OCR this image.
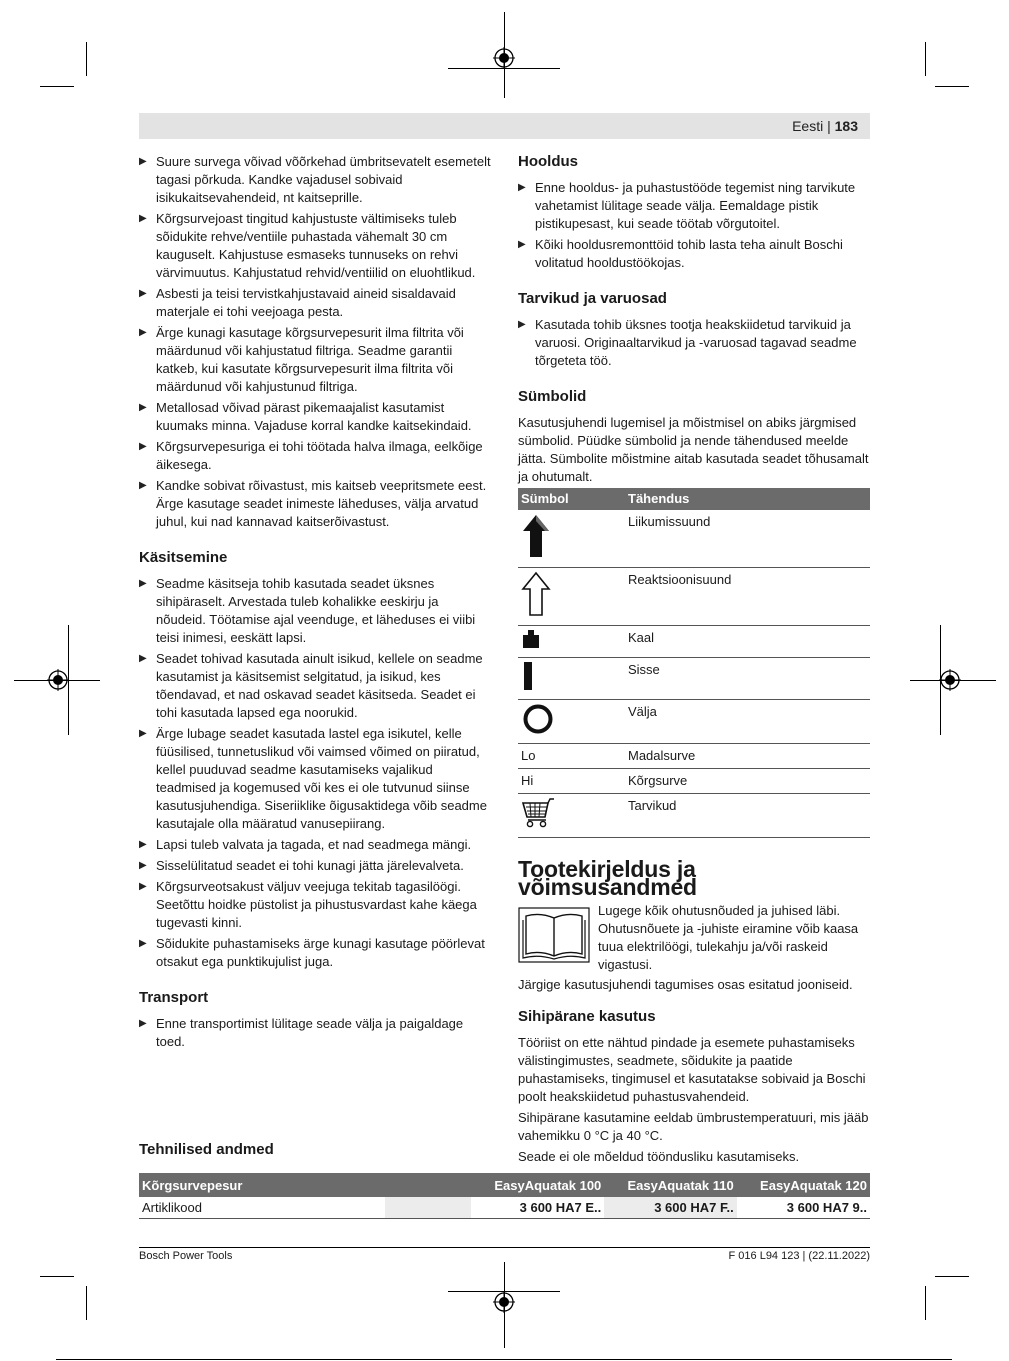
Eesti | 183
▶ Suure survega võivad võõrkehad ümbritsevatelt esemetelt tagasi põrkuda. Kandke vajadusel sobivaid isikukaitsevahendeid, nt kaitseprille.
▶ Kõrgsurvejoast tingitud kahjustuste vältimiseks tuleb sõidukite rehve/ventiile puhastada vähemalt 30 cm kauguselt. Kahjustuse esmaseks tunnuseks on rehvi värvimuutus. Kahjustatud rehvid/ventiilid on eluohtlikud.
▶ Asbesti ja teisi tervistkahjustavaid aineid sisaldavaid materjale ei tohi veejoaga pesta.
▶ Ärge kunagi kasutage kõrgsurvepesurit ilma filtrita või määrdunud või kahjustatud filtriga. Seadme garantii katkeb, kui kasutate kõrgsurvepesurit ilma filtrita või määrdunud või kahjustunud filtriga.
▶ Metallosad võivad pärast pikemaajalist kasutamist kuumaks minna. Vajaduse korral kandke kaitsekindaid.
▶ Kõrgsurvepesuriga ei tohi töötada halva ilmaga, eelkõige äikesega.
▶ Kandke sobivat rõivastust, mis kaitseb veepritsmete eest. Ärge kasutage seadet inimeste läheduses, välja arvatud juhul, kui nad kannavad kaitserõivastust.
Käsitsemine
▶ Seadme käsitseja tohib kasutada seadet üksnes sihipäraselt. Arvestada tuleb kohalikke eeskirju ja nõudeid. Töötamise ajal veenduge, et läheduses ei viibi teisi inimesi, eeskätt lapsi.
▶ Seadet tohivad kasutada ainult isikud, kellele on seadme kasutamist ja käsitsemist selgitatud, ja isikud, kes tõendavad, et nad oskavad seadet käsitseda. Seadet ei tohi kasutada lapsed ega noorukid.
▶ Ärge lubage seadet kasutada lastel ega isikutel, kelle füüsilised, tunnetuslikud või vaimsed võimed on piiratud, kellel puuduvad seadme kasutamiseks vajalikud teadmised ja kogemused või kes ei ole tutvunud siinse kasutusjuhendiga. Siseriiklike õigusaktidega võib seadme kasutajale olla määratud vanusepiirang.
▶ Lapsi tuleb valvata ja tagada, et nad seadmega mängi.
▶ Sisselülitatud seadet ei tohi kunagi jätta järelevalveta.
▶ Kõrgsurveotsakust väljuv veejuga tekitab tagasilöögi. Seetõttu hoidke püstolist ja pihustusvardast kahe käega tugevasti kinni.
▶ Sõidukite puhastamiseks ärge kunagi kasutage pöörlevat otsakut ega punktikujulist juga.
Transport
▶ Enne transportimist lülitage seade välja ja paigaldage toed.
Hooldus
▶ Enne hooldus- ja puhastustööde tegemist ning tarvikute vahetamist lülitage seade välja. Eemaldage pistik pistikupesast, kui seade töötab võrgutoitel.
▶ Kõiki hooldusremonttöid tohib lasta teha ainult Boschi volitatud hooldustöökojas.
Tarvikud ja varuosad
▶ Kasutada tohib üksnes tootja heakskiidetud tarvikuid ja varuosi. Originaaltarvikud ja -varuosad tagavad seadme tõrgeteta töö.
Sümbolid

Kasutusjuhendi lugemisel ja mõistmisel on abiks järgmised sümbolid. Püüdke sümbolid ja nende tähendused meelde jätta. Sümbolite mõistmine aitab kasutada seadet tõhusamalt ja ohutumalt.

Sümbol	Tähendus
	Liikumissuund
	Reaktsioonisuund
	Kaal
	Sisse
	Välja
Lo	Madalsurve
Hi	Kõrgsurve
	Tarvikud
Tootekirjeldus ja võimsusandmed

Lugege kõik ohutusnõuded ja juhised läbi. Ohutusnõuete ja -juhiste eiramine võib kaasa tuua elektrilöögi, tulekahju ja/või raskeid vigastusi.

Järgige kasutusjuhendi tagumises osas esitatud jooniseid.

Sihipärane kasutus

Tööriist on ette nähtud pindade ja esemete puhastamiseks välistingimustes, seadmete, sõidukite ja paatide puhastamiseks, tingimusel et kasutatakse sobivaid ja Boschi poolt heakskiidetud puhastusvahendeid.

Sihipärane kasutamine eeldab ümbrustemperatuuri, mis jääb vahemikku 0 °C ja 40 °C.

Seade ei ole mõeldud tööndusliku kasutamiseks.

Tehnilised andmed
Kõrgsurvepesur		EasyAquatak 100	EasyAquatak 110	EasyAquatak 120
Artiklikood		3 600 HA7 E..	3 600 HA7 F..	3 600 HA7 9..
Bosch Power Tools	F 016 L94 123 | (22.11.2022)
